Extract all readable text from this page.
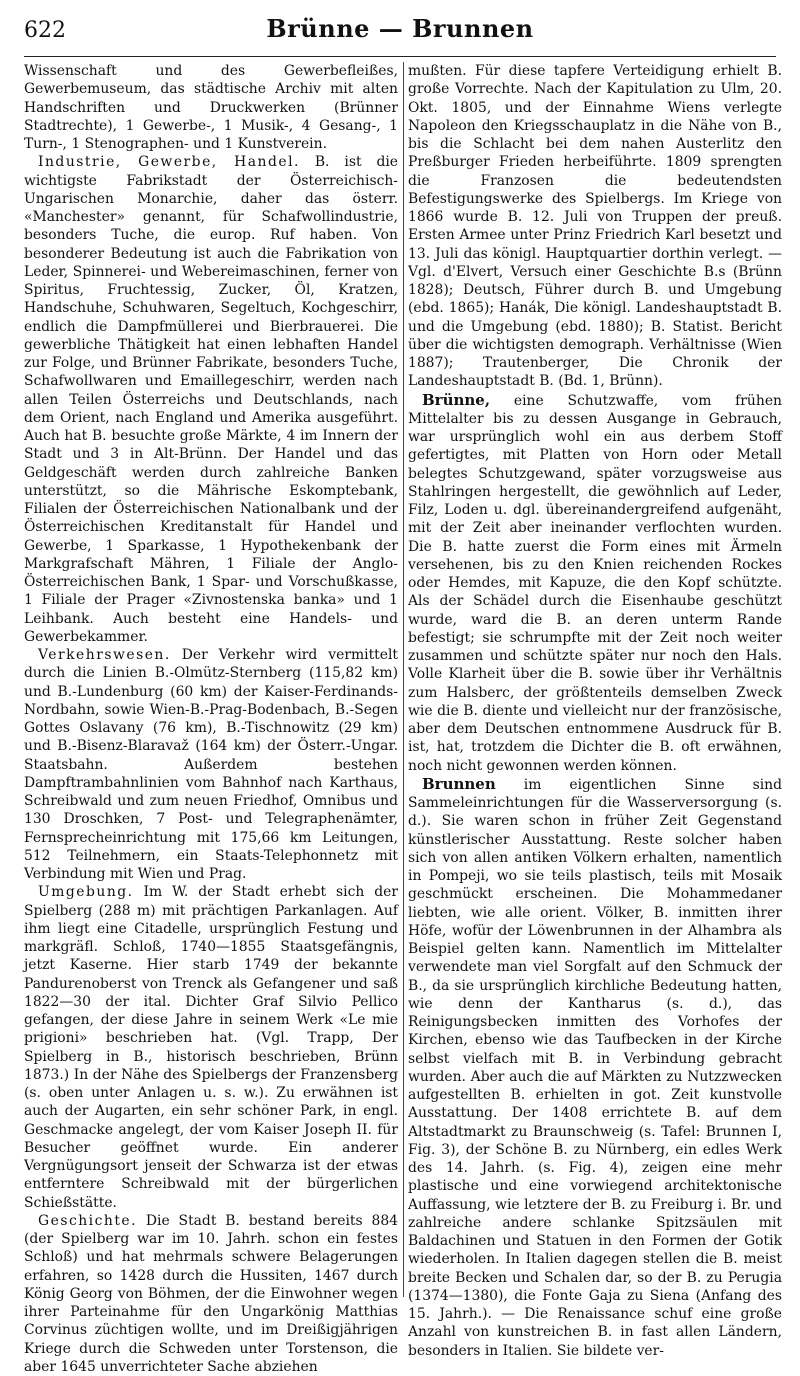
622	Brünne — Brunnen

Wissenschaft und des Gewerbefleißes, Gewerbemuseum, das städtische Archiv mit alten Handschriften und Druckwerken (Brünner Stadtrechte), 1 Gewerbe-, 1 Musik-, 4 Gesang-, 1 Turn-, 1 Stenographen- und 1 Kunstverein.

Industrie, Gewerbe, Handel. B. ist die wichtigste Fabrikstadt der Österreichisch-Ungarischen Monarchie, daher das österr. «Manchester» genannt, für Schafwollindustrie, besonders Tuche, die europ. Ruf haben. Von besonderer Bedeutung ist auch die Fabrikation von Leder, Spinnerei- und Webereimaschinen, ferner von Spiritus, Fruchtessig, Zucker, Öl, Kratzen, Handschuhe, Schuhwaren, Segeltuch, Kochgeschirr, endlich die Dampfmüllerei und Bierbrauerei. Die gewerbliche Thätigkeit hat einen lebhaften Handel zur Folge, und Brünner Fabrikate, besonders Tuche, Schafwollwaren und Emaillegeschirr, werden nach allen Teilen Österreichs und Deutschlands, nach dem Orient, nach England und Amerika ausgeführt. Auch hat B. besuchte große Märkte, 4 im Innern der Stadt und 3 in Alt-Brünn. Der Handel und das Geldgeschäft werden durch zahlreiche Banken unterstützt, so die Mährische Eskomptebank, Filialen der Österreichischen Nationalbank und der Österreichischen Kreditanstalt für Handel und Gewerbe, 1 Sparkasse, 1 Hypothekenbank der Markgrafschaft Mähren, 1 Filiale der Anglo-Österreichischen Bank, 1 Spar- und Vorschußkasse, 1 Filiale der Prager «Zivnostenska banka» und 1 Leihbank. Auch besteht eine Handels- und Gewerbekammer.

Verkehrswesen. Der Verkehr wird vermittelt durch die Linien B.-Olmütz-Sternberg (115,82 km) und B.-Lundenburg (60 km) der Kaiser-Ferdinands-Nordbahn, sowie Wien-B.-Prag-Bodenbach, B.-Segen Gottes Oslavany (76 km), B.-Tischnowitz (29 km) und B.-Bisenz-Blaravaž (164 km) der Österr.-Ungar. Staatsbahn. Außerdem bestehen Dampftrambahnlinien vom Bahnhof nach Karthaus, Schreibwald und zum neuen Friedhof, Omnibus und 130 Droschken, 7 Post- und Telegraphenämter, Fernsprecheinrichtung mit 175,66 km Leitungen, 512 Teilnehmern, ein Staats-Telephonnetz mit Verbindung mit Wien und Prag.

Umgebung. Im W. der Stadt erhebt sich der Spielberg (288 m) mit prächtigen Parkanlagen. Auf ihm liegt eine Citadelle, ursprünglich Festung und markgräfl. Schloß, 1740—1855 Staatsgefängnis, jetzt Kaserne. Hier starb 1749 der bekannte Pandurenoberst von Trenck als Gefangener und saß 1822—30 der ital. Dichter Graf Silvio Pellico gefangen, der diese Jahre in seinem Werk «Le mie prigioni» beschrieben hat. (Vgl. Trapp, Der Spielberg in B., historisch beschrieben, Brünn 1873.) In der Nähe des Spielbergs der Franzensberg (s. oben unter Anlagen u. s. w.). Zu erwähnen ist auch der Augarten, ein sehr schöner Park, in engl. Geschmacke angelegt, der vom Kaiser Joseph II. für Besucher geöffnet wurde. Ein anderer Vergnügungsort jenseit der Schwarza ist der etwas entferntere Schreibwald mit der bürgerlichen Schießstätte.

Geschichte. Die Stadt B. bestand bereits 884 (der Spielberg war im 10. Jahrh. schon ein festes Schloß) und hat mehrmals schwere Belagerungen erfahren, so 1428 durch die Hussiten, 1467 durch König Georg von Böhmen, der die Einwohner wegen ihrer Parteinahme für den Ungarkönig Matthias Corvinus züchtigen wollte, und im Dreißigjährigen Kriege durch die Schweden unter Torstenson, die aber 1645 unverrichteter Sache abziehen

mußten. Für diese tapfere Verteidigung erhielt B. große Vorrechte. Nach der Kapitulation zu Ulm, 20. Okt. 1805, und der Einnahme Wiens verlegte Napoleon den Kriegsschauplatz in die Nähe von B., bis die Schlacht bei dem nahen Austerlitz den Preßburger Frieden herbeiführte. 1809 sprengten die Franzosen die bedeutendsten Befestigungswerke des Spielbergs. Im Kriege von 1866 wurde B. 12. Juli von Truppen der preuß. Ersten Armee unter Prinz Friedrich Karl besetzt und 13. Juli das königl. Hauptquartier dorthin verlegt. — Vgl. d'Elvert, Versuch einer Geschichte B.s (Brünn 1828); Deutsch, Führer durch B. und Umgebung (ebd. 1865); Hanák, Die königl. Landeshauptstadt B. und die Umgebung (ebd. 1880); B. Statist. Bericht über die wichtigsten demograph. Verhältnisse (Wien 1887); Trautenberger, Die Chronik der Landeshauptstadt B. (Bd. 1, Brünn).

Brünne, eine Schutzwaffe, vom frühen Mittelalter bis zu dessen Ausgange in Gebrauch, war ursprünglich wohl ein aus derbem Stoff gefertigtes, mit Platten von Horn oder Metall belegtes Schutzgewand, später vorzugsweise aus Stahlringen hergestellt, die gewöhnlich auf Leder, Filz, Loden u. dgl. übereinandergreifend aufgenäht, mit der Zeit aber ineinander verflochten wurden. Die B. hatte zuerst die Form eines mit Ärmeln versehenen, bis zu den Knien reichenden Rockes oder Hemdes, mit Kapuze, die den Kopf schützte. Als der Schädel durch die Eisenhaube geschützt wurde, ward die B. an deren unterm Rande befestigt; sie schrumpfte mit der Zeit noch weiter zusammen und schützte später nur noch den Hals. Volle Klarheit über die B. sowie über ihr Verhältnis zum Halsberc, der größtenteils demselben Zweck wie die B. diente und vielleicht nur der französische, aber dem Deutschen entnommene Ausdruck für B. ist, hat, trotzdem die Dichter die B. oft erwähnen, noch nicht gewonnen werden können.

Brunnen im eigentlichen Sinne sind Sammeleinrichtungen für die Wasserversorgung (s. d.). Sie waren schon in früher Zeit Gegenstand künstlerischer Ausstattung. Reste solcher haben sich von allen antiken Völkern erhalten, namentlich in Pompeji, wo sie teils plastisch, teils mit Mosaik geschmückt erscheinen. Die Mohammedaner liebten, wie alle orient. Völker, B. inmitten ihrer Höfe, wofür der Löwenbrunnen in der Alhambra als Beispiel gelten kann. Namentlich im Mittelalter verwendete man viel Sorgfalt auf den Schmuck der B., da sie ursprünglich kirchliche Bedeutung hatten, wie denn der Kantharus (s. d.), das Reinigungsbecken inmitten des Vorhofes der Kirchen, ebenso wie das Taufbecken in der Kirche selbst vielfach mit B. in Verbindung gebracht wurden. Aber auch die auf Märkten zu Nutzzwecken aufgestellten B. erhielten in got. Zeit kunstvolle Ausstattung. Der 1408 errichtete B. auf dem Altstadtmarkt zu Braunschweig (s. Tafel: Brunnen I, Fig. 3), der Schöne B. zu Nürnberg, ein edles Werk des 14. Jahrh. (s. Fig. 4), zeigen eine mehr plastische und eine vorwiegend architektonische Auffassung, wie letztere der B. zu Freiburg i. Br. und zahlreiche andere schlanke Spitzsäulen mit Baldachinen und Statuen in den Formen der Gotik wiederholen. In Italien dagegen stellen die B. meist breite Becken und Schalen dar, so der B. zu Perugia (1374—1380), die Fonte Gaja zu Siena (Anfang des 15. Jahrh.). — Die Renaissance schuf eine große Anzahl von kunstreichen B. in fast allen Ländern, besonders in Italien. Sie bildete ver-
